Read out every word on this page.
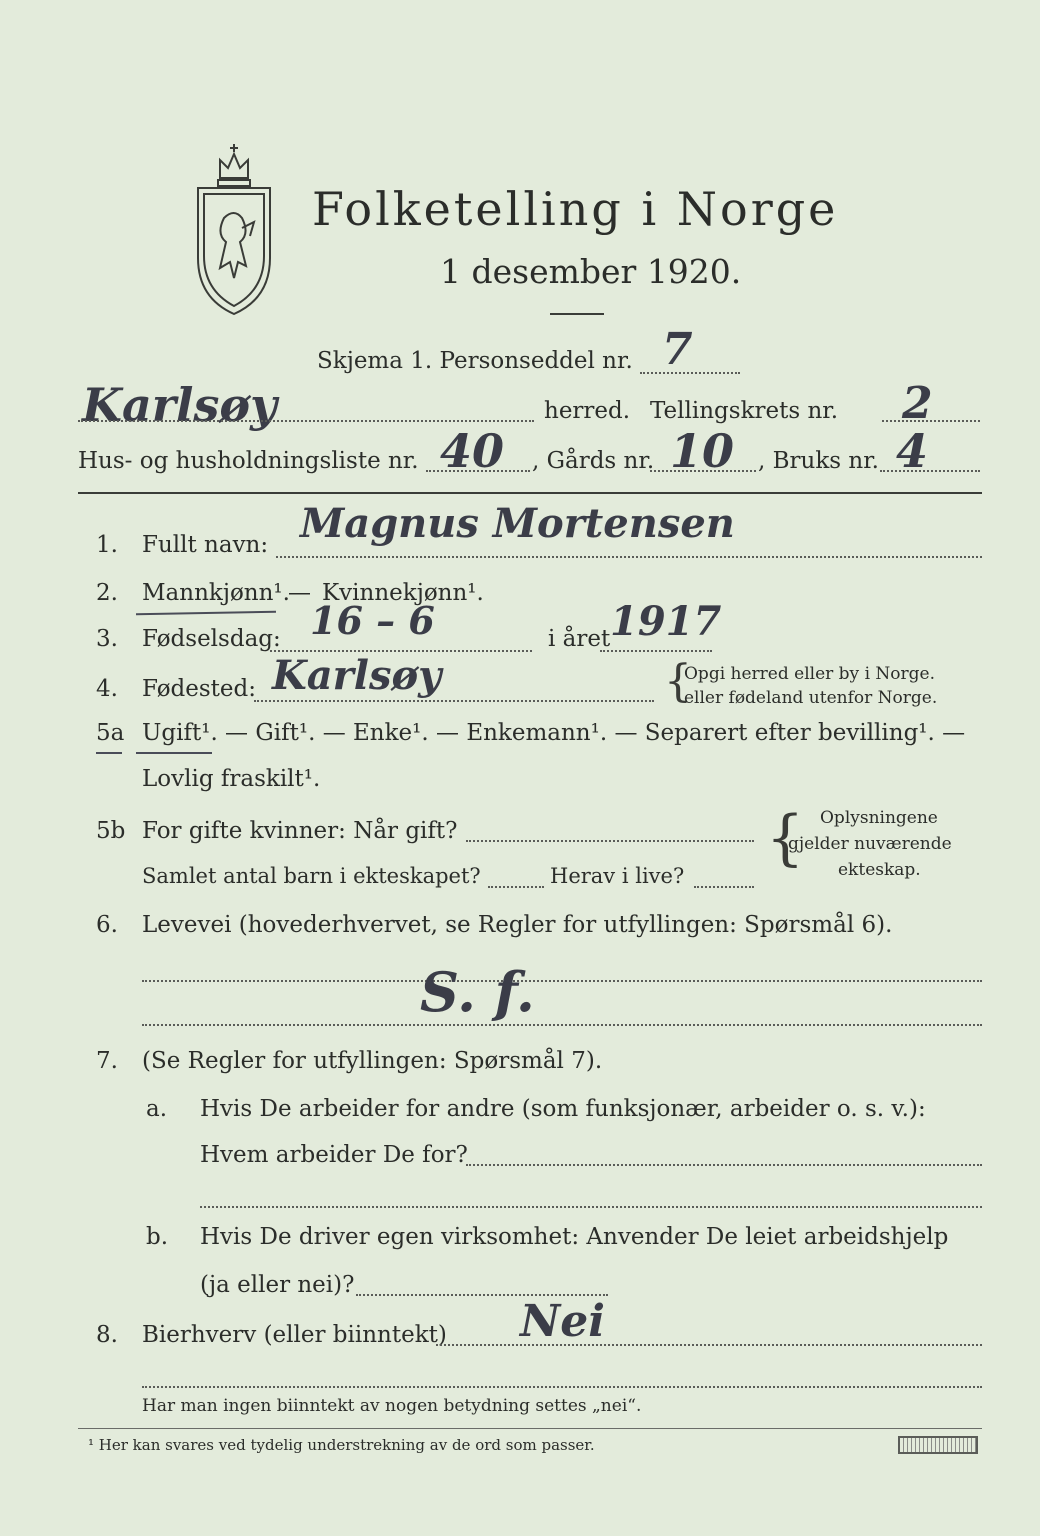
Folketelling i Norge
1 desember 1920.
Skjema 1. Personseddel nr. 7
Karlsøy	herred. Tellingskrets nr. 2
Hus- og husholdningsliste nr. 40 , Gårds nr. 10 , Bruks nr. 4
1. Fullt navn: Magnus Mortensen
2. Mannkjønn¹.
— Kvinnekjønn¹.
3. Fødselsdag: 16 – 6	i året 1917
4. Fødested: Karlsøy	{
Opgi herred eller by i Norge.
eller fødeland utenfor Norge.
5a Ugift¹. — Gift¹. — Enke¹. — Enkemann¹. — Separert efter bevilling¹. —
Lovlig fraskilt¹.
5b For gifte kvinner: Når gift?
Samlet antal barn i ekteskapet?	Herav i live?
{ Oplysningene
gjelder nuværende
ekteskap.
6. Levevei (hovederhvervet, se Regler for utfyllingen: Spørsmål 6).
S. f.
7. (Se Regler for utfyllingen: Spørsmål 7).
a. Hvis De arbeider for andre (som funksjonær, arbeider o. s. v.):
Hvem arbeider De for?
b. Hvis De driver egen virksomhet: Anvender De leiet arbeidshjelp
(ja eller nei)?
8. Bierhverv (eller biinntekt) Nei
Har man ingen biinntekt av nogen betydning settes „nei“.
¹ Her kan svares ved tydelig understrekning av de ord som passer.
